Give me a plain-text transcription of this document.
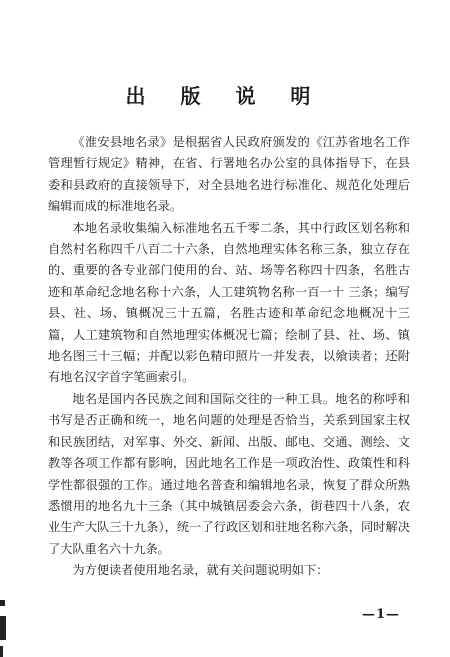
出 版 说 明

《淮安县地名录》是根据省人民政府颁发的《江苏省地名工作管理暂行规定》精神，在省、行署地名办公室的具体指导下，在县委和县政府的直接领导下，对全县地名进行标准化、规范化处理后编辑而成的标准地名录。

本地名录收集编入标准地名五千零二条，其中行政区划名称和自然村名称四千八百二十六条，自然地理实体名称三条，独立存在的、重要的各专业部门使用的台、站、场等名称四十四条，名胜古迹和革命纪念地名称十六条，人工建筑物名称一百一十 三条；编写县、社、场、镇概况三十五篇，名胜古迹和革命纪念地概况十三篇，人工建筑物和自然地理实体概况七篇；绘制了县、社、场、镇地名图三十三幅；并配以彩色精印照片一并发表，以飨读者；还附有地名汉字首字笔画索引。

地名是国内各民族之间和国际交往的一种工具。地名的称呼和书写是否正确和统一，地名问题的处理是否恰当，关系到国家主权和民族团结，对军事、外交、新闻、出版、邮电、交通、测绘、文教等各项工作都有影响，因此地名工作是一项政治性、政策性和科学性都很强的工作。通过地名普查和编辑地名录，恢复了群众所熟悉惯用的地名九十三条（其中城镇居委会六条，街巷四十八条，农业生产大队三十九条），统一了行政区划和驻地名称六条，同时解决了大队重名六十九条。

为方便读者使用地名录，就有关问题说明如下：

—1—
